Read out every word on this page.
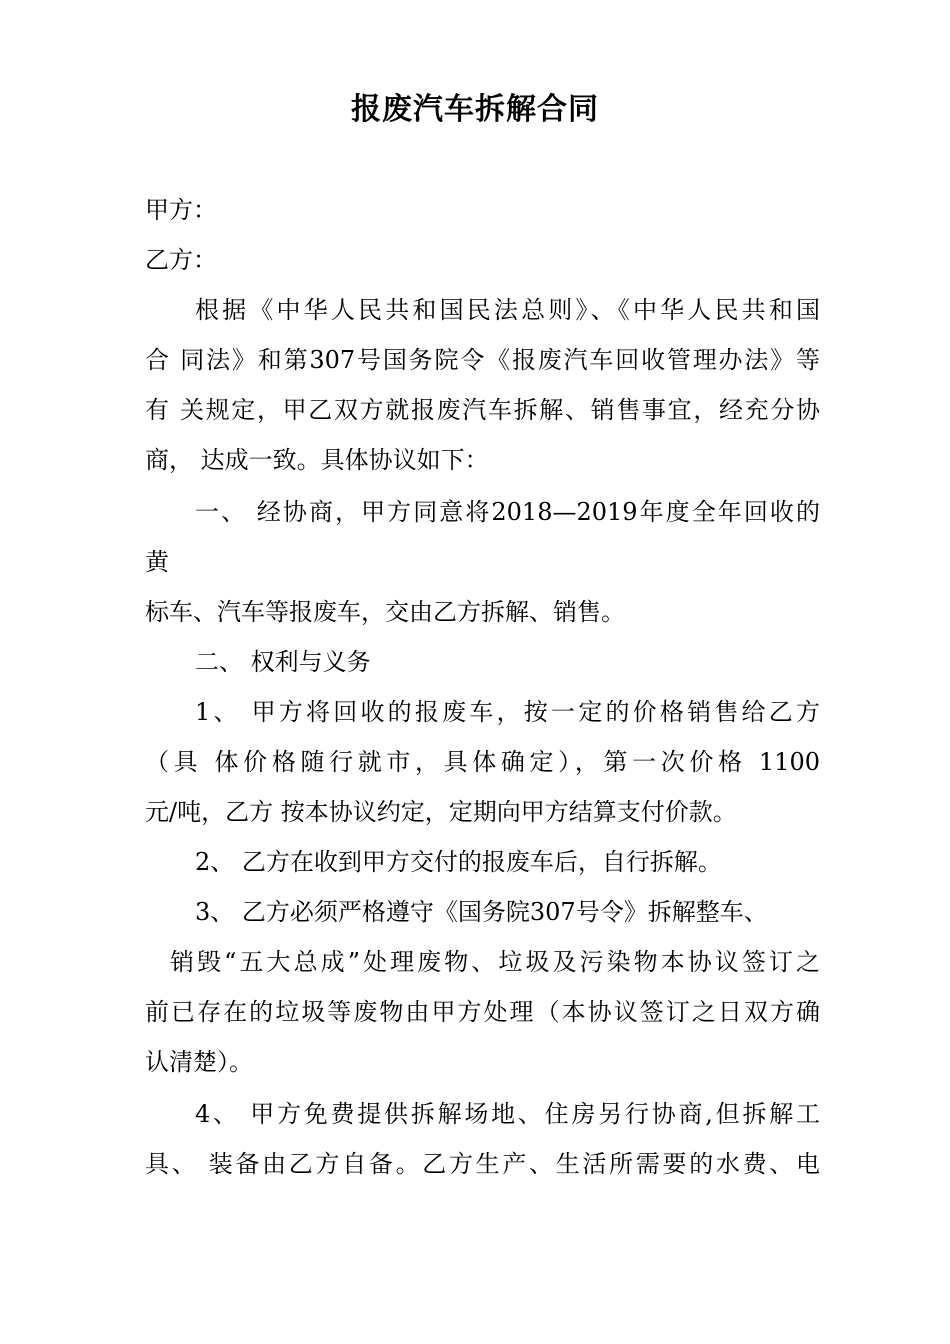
报废汽车拆解合同
甲方：
乙方：
根据《中华人民共和国民法总则》、《中华人民共和国
合 同法》和第307号国务院令《报废汽车回收管理办法》等
有 关规定，甲乙双方就报废汽车拆解、销售事宜，经充分协
商， 达成一致。具体协议如下：
一、 经协商，甲方同意将2018—2019年度全年回收的
黄
标车、汽车等报废车，交由乙方拆解、销售。
二、 权利与义务
1、 甲方将回收的报废车，按一定的价格销售给乙方
（具 体价格随行就市，具体确定），第一次价格 1100
元/吨，乙方 按本协议约定，定期向甲方结算支付价款。
2、 乙方在收到甲方交付的报废车后，自行拆解。
3、 乙方必须严格遵守《国务院307号令》拆解整车、
销毁“五大总成”处理废物、垃圾及污染物本协议签订之
前已存在的垃圾等废物由甲方处理（本协议签订之日双方确
认清楚）。
4、 甲方免费提供拆解场地、住房另行协商,但拆解工
具、 装备由乙方自备。乙方生产、生活所需要的水费、电
